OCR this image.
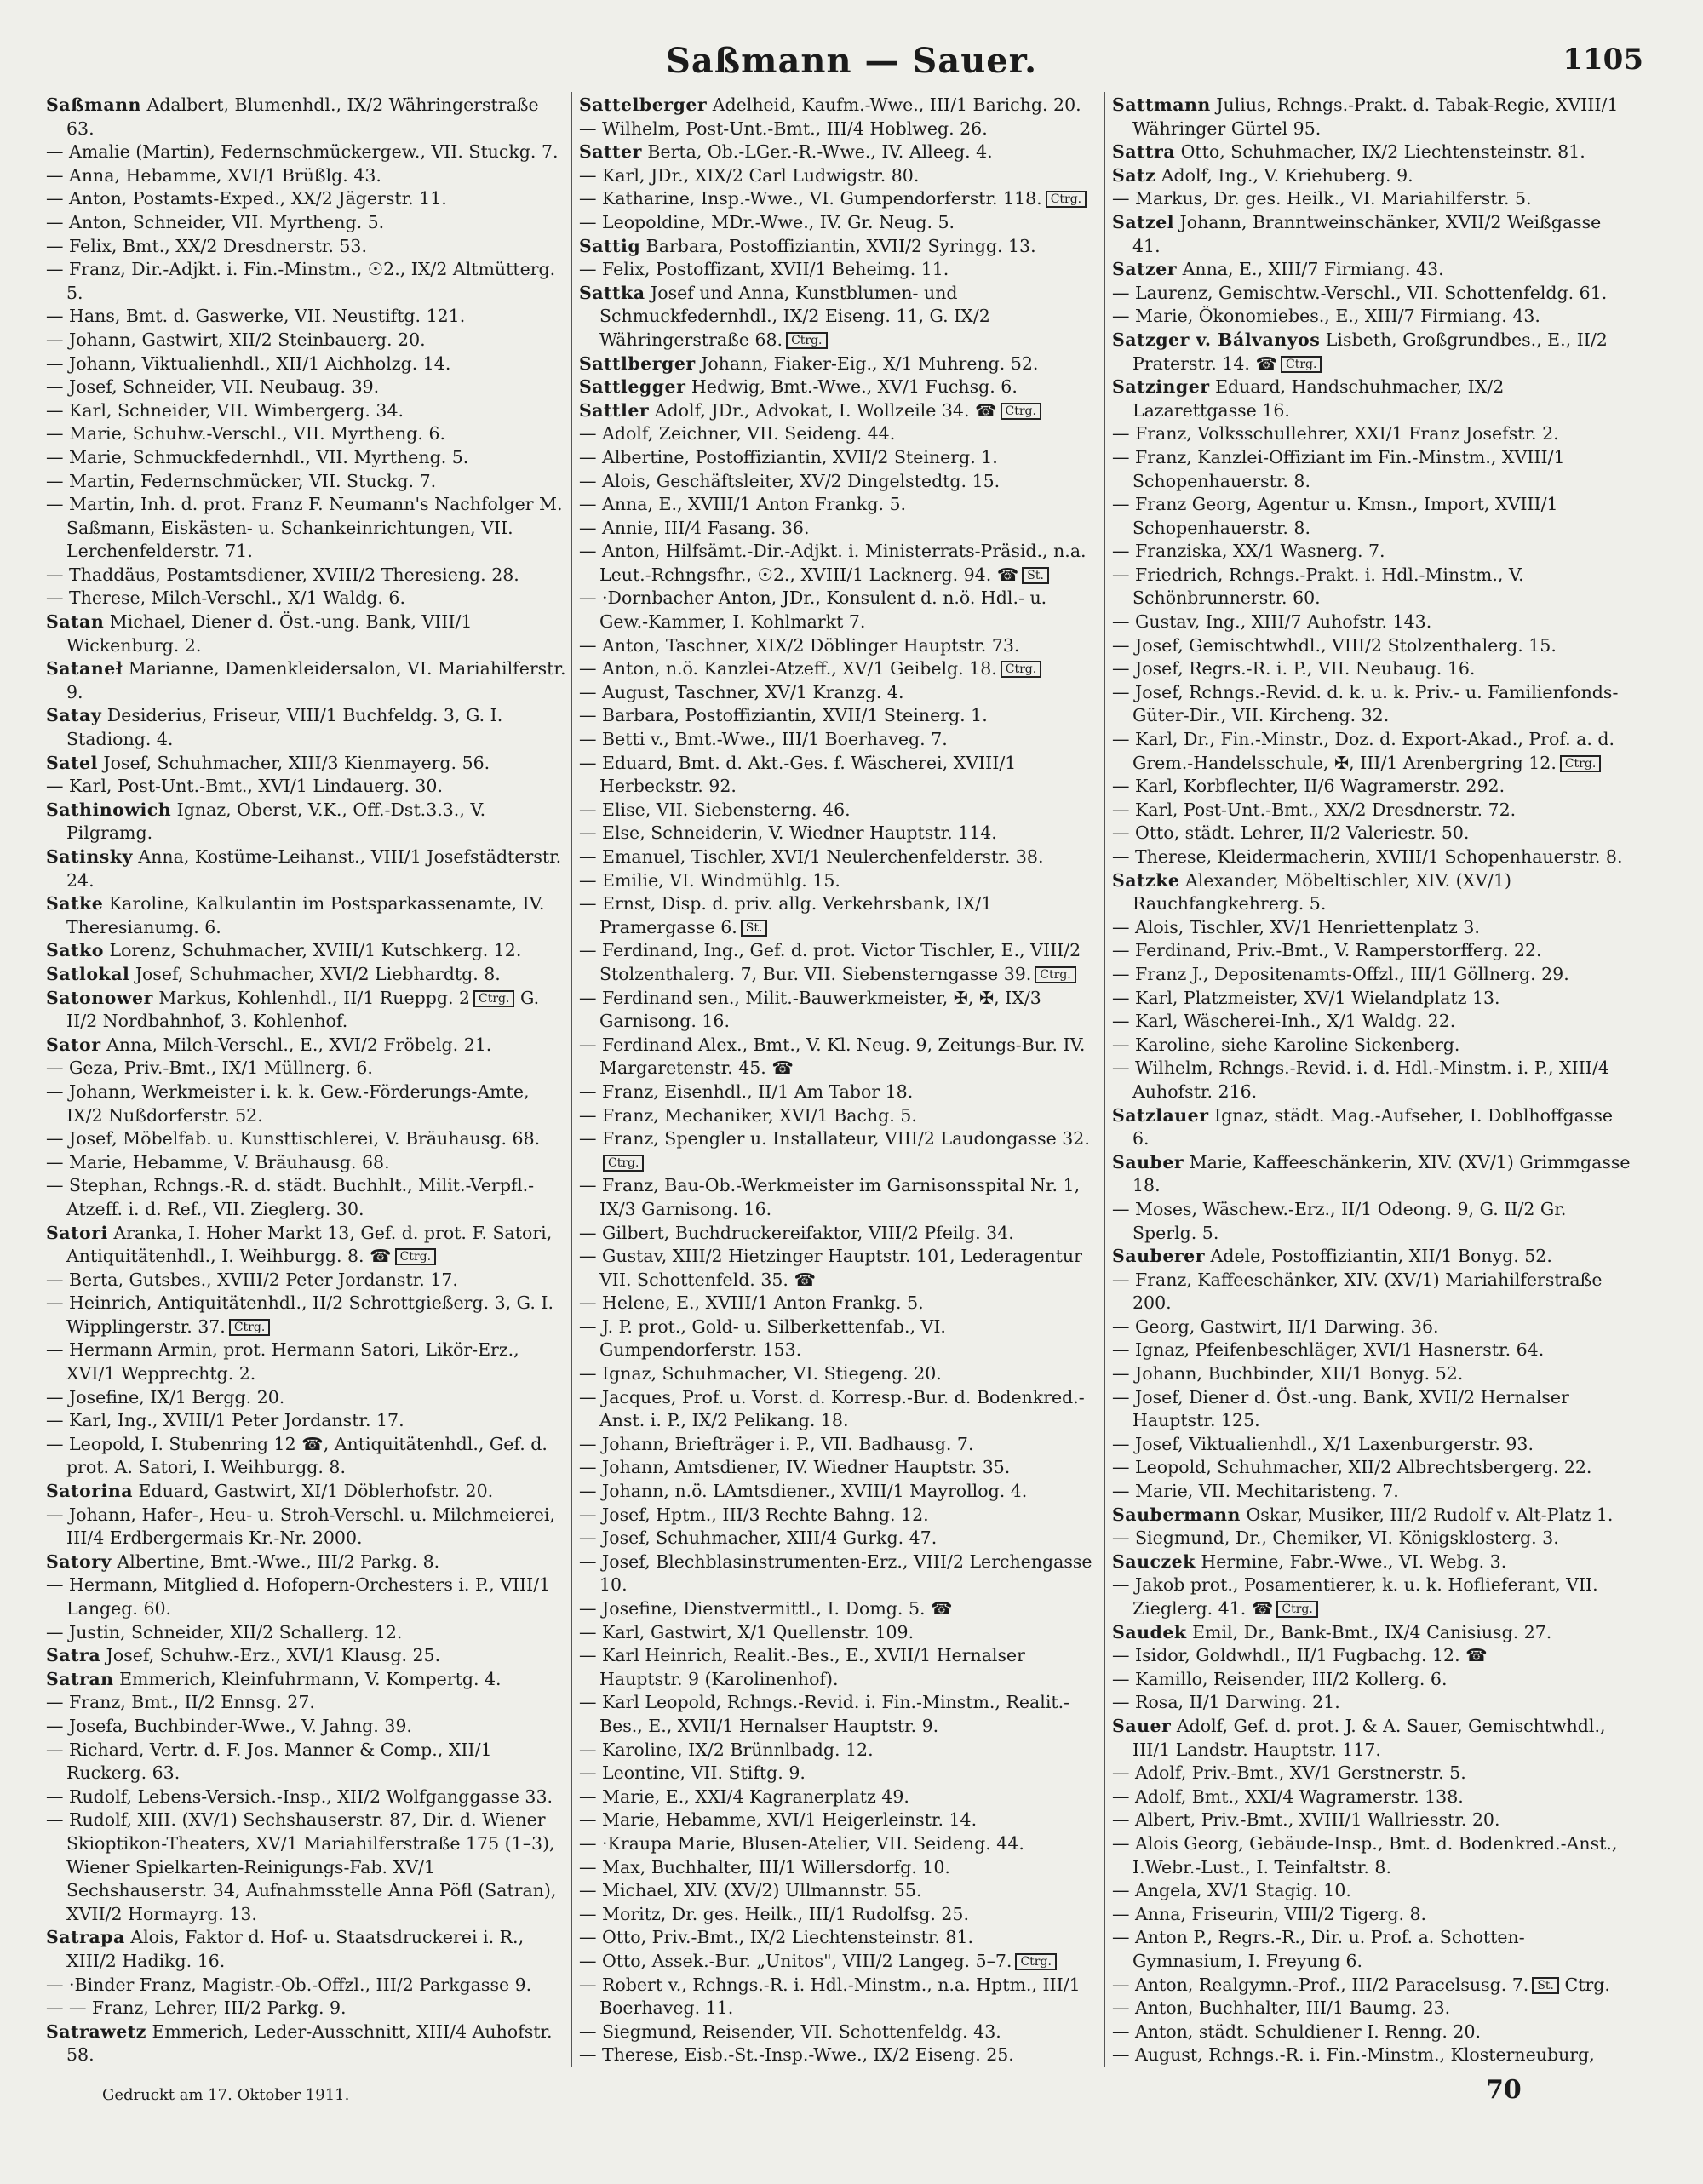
Saßmann — Sauer.	1105

Saßmann Adalbert, Blumenhdl., IX/2 Währingerstraße 63.

— Amalie (Martin), Federnschmückergew., VII. Stuckg. 7.

— Anna, Hebamme, XVI/1 Brüßlg. 43.

— Anton, Postamts-Exped., XX/2 Jägerstr. 11.

— Anton, Schneider, VII. Myrtheng. 5.

— Felix, Bmt., XX/2 Dresdnerstr. 53.

— Franz, Dir.-Adjkt. i. Fin.-Minstm., ☉2., IX/2 Altmütterg. 5.

— Hans, Bmt. d. Gaswerke, VII. Neustiftg. 121.

— Johann, Gastwirt, XII/2 Steinbauerg. 20.

— Johann, Viktualienhdl., XII/1 Aichholzg. 14.

— Josef, Schneider, VII. Neubaug. 39.

— Karl, Schneider, VII. Wimbergerg. 34.

— Marie, Schuhw.-Verschl., VII. Myrtheng. 6.

— Marie, Schmuckfedernhdl., VII. Myrtheng. 5.

— Martin, Federnschmücker, VII. Stuckg. 7.

— Martin, Inh. d. prot. Franz F. Neumann's Nachfolger M. Saßmann, Eiskästen- u. Schankeinrichtungen, VII. Lerchenfelderstr. 71.

— Thaddäus, Postamtsdiener, XVIII/2 Theresieng. 28.

— Therese, Milch-Verschl., X/1 Waldg. 6.

Satan Michael, Diener d. Öst.-ung. Bank, VIII/1 Wickenburg. 2.

Sataneł Marianne, Damenkleidersalon, VI. Mariahilferstr. 9.

Satay Desiderius, Friseur, VIII/1 Buchfeldg. 3, G. I. Stadiong. 4.

Satel Josef, Schuhmacher, XIII/3 Kienmayerg. 56.

— Karl, Post-Unt.-Bmt., XVI/1 Lindauerg. 30.

Sathinowich Ignaz, Oberst, V.K., Off.-Dst.3.3., V. Pilgramg.

Satinsky Anna, Kostüme-Leihanst., VIII/1 Josefstädterstr. 24.

Satke Karoline, Kalkulantin im Postsparkassenamte, IV. Theresianumg. 6.

Satko Lorenz, Schuhmacher, XVIII/1 Kutschkerg. 12.

Satlokal Josef, Schuhmacher, XVI/2 Liebhardtg. 8.

Satonower Markus, Kohlenhdl., II/1 Rueppg. 2 Ctrg. G. II/2 Nordbahnhof, 3. Kohlenhof.

Sator Anna, Milch-Verschl., E., XVI/2 Fröbelg. 21.

— Geza, Priv.-Bmt., IX/1 Müllnerg. 6.

— Johann, Werkmeister i. k. k. Gew.-Förderungs-Amte, IX/2 Nußdorferstr. 52.

— Josef, Möbelfab. u. Kunsttischlerei, V. Bräuhausg. 68.

— Marie, Hebamme, V. Bräuhausg. 68.

— Stephan, Rchngs.-R. d. städt. Buchhlt., Milit.-Verpfl.-Atzeff. i. d. Ref., VII. Zieglerg. 30.

Satori Aranka, I. Hoher Markt 13, Gef. d. prot. F. Satori, Antiquitätenhdl., I. Weihburgg. 8. ☎ Ctrg.

— Berta, Gutsbes., XVIII/2 Peter Jordanstr. 17.

— Heinrich, Antiquitätenhdl., II/2 Schrottgießerg. 3, G. I. Wipplingerstr. 37. Ctrg.

— Hermann Armin, prot. Hermann Satori, Likör-Erz., XVI/1 Wepprechtg. 2.

— Josefine, IX/1 Bergg. 20.

— Karl, Ing., XVIII/1 Peter Jordanstr. 17.

— Leopold, I. Stubenring 12 ☎, Antiquitätenhdl., Gef. d. prot. A. Satori, I. Weihburgg. 8.

Satorina Eduard, Gastwirt, XI/1 Döblerhofstr. 20.

— Johann, Hafer-, Heu- u. Stroh-Verschl. u. Milchmeierei, III/4 Erdbergermais Kr.-Nr. 2000.

Satory Albertine, Bmt.-Wwe., III/2 Parkg. 8.

— Hermann, Mitglied d. Hofopern-Orchesters i. P., VIII/1 Langeg. 60.

— Justin, Schneider, XII/2 Schallerg. 12.

Satra Josef, Schuhw.-Erz., XVI/1 Klausg. 25.

Satran Emmerich, Kleinfuhrmann, V. Kompertg. 4.

— Franz, Bmt., II/2 Ennsg. 27.

— Josefa, Buchbinder-Wwe., V. Jahng. 39.

— Richard, Vertr. d. F. Jos. Manner & Comp., XII/1 Ruckerg. 63.

— Rudolf, Lebens-Versich.-Insp., XII/2 Wolfganggasse 33.

— Rudolf, XIII. (XV/1) Sechshauserstr. 87, Dir. d. Wiener Skioptikon-Theaters, XV/1 Mariahilferstraße 175 (1–3), Wiener Spielkarten-Reinigungs-Fab. XV/1 Sechshauserstr. 34, Aufnahmsstelle Anna Pöfl (Satran), XVII/2 Hormayrg. 13.

Satrapa Alois, Faktor d. Hof- u. Staatsdruckerei i. R., XIII/2 Hadikg. 16.

— ·Binder Franz, Magistr.-Ob.-Offzl., III/2 Parkgasse 9.

— — Franz, Lehrer, III/2 Parkg. 9.

Satrawetz Emmerich, Leder-Ausschnitt, XIII/4 Auhofstr. 58.

Sattelberger Adelheid, Kaufm.-Wwe., III/1 Barichg. 20.

— Wilhelm, Post-Unt.-Bmt., III/4 Hoblweg. 26.

Satter Berta, Ob.-LGer.-R.-Wwe., IV. Alleeg. 4.

— Karl, JDr., XIX/2 Carl Ludwigstr. 80.

— Katharine, Insp.-Wwe., VI. Gumpendorferstr. 118. Ctrg.

— Leopoldine, MDr.-Wwe., IV. Gr. Neug. 5.

Sattig Barbara, Postoffiziantin, XVII/2 Syringg. 13.

— Felix, Postoffizant, XVII/1 Beheimg. 11.

Sattka Josef und Anna, Kunstblumen- und Schmuckfedernhdl., IX/2 Eiseng. 11, G. IX/2 Währingerstraße 68. Ctrg.

Sattlberger Johann, Fiaker-Eig., X/1 Muhreng. 52.

Sattlegger Hedwig, Bmt.-Wwe., XV/1 Fuchsg. 6.

Sattler Adolf, JDr., Advokat, I. Wollzeile 34. ☎ Ctrg.

— Adolf, Zeichner, VII. Seideng. 44.

— Albertine, Postoffiziantin, XVII/2 Steinerg. 1.

— Alois, Geschäftsleiter, XV/2 Dingelstedtg. 15.

— Anna, E., XVIII/1 Anton Frankg. 5.

— Annie, III/4 Fasang. 36.

— Anton, Hilfsämt.-Dir.-Adjkt. i. Ministerrats-Präsid., n.a. Leut.-Rchngsfhr., ☉2., XVIII/1 Lacknerg. 94. ☎ St.

— ·Dornbacher Anton, JDr., Konsulent d. n.ö. Hdl.- u. Gew.-Kammer, I. Kohlmarkt 7.

— Anton, Taschner, XIX/2 Döblinger Hauptstr. 73.

— Anton, n.ö. Kanzlei-Atzeff., XV/1 Geibelg. 18. Ctrg.

— August, Taschner, XV/1 Kranzg. 4.

— Barbara, Postoffiziantin, XVII/1 Steinerg. 1.

— Betti v., Bmt.-Wwe., III/1 Boerhaveg. 7.

— Eduard, Bmt. d. Akt.-Ges. f. Wäscherei, XVIII/1 Herbeckstr. 92.

— Elise, VII. Siebensterng. 46.

— Else, Schneiderin, V. Wiedner Hauptstr. 114.

— Emanuel, Tischler, XVI/1 Neulerchenfelderstr. 38.

— Emilie, VI. Windmühlg. 15.

— Ernst, Disp. d. priv. allg. Verkehrsbank, IX/1 Pramergasse 6. St.

— Ferdinand, Ing., Gef. d. prot. Victor Tischler, E., VIII/2 Stolzenthalerg. 7, Bur. VII. Siebensterngasse 39. Ctrg.

— Ferdinand sen., Milit.-Bauwerkmeister, ✠, ✠, IX/3 Garnisong. 16.

— Ferdinand Alex., Bmt., V. Kl. Neug. 9, Zeitungs-Bur. IV. Margaretenstr. 45. ☎

— Franz, Eisenhdl., II/1 Am Tabor 18.

— Franz, Mechaniker, XVI/1 Bachg. 5.

— Franz, Spengler u. Installateur, VIII/2 Laudongasse 32.Ctrg.

— Franz, Bau-Ob.-Werkmeister im Garnisonsspital Nr. 1, IX/3 Garnisong. 16.

— Gilbert, Buchdruckereifaktor, VIII/2 Pfeilg. 34.

— Gustav, XIII/2 Hietzinger Hauptstr. 101, Lederagentur VII. Schottenfeld. 35. ☎

— Helene, E., XVIII/1 Anton Frankg. 5.

— J. P. prot., Gold- u. Silberkettenfab., VI. Gumpendorferstr. 153.

— Ignaz, Schuhmacher, VI. Stiegeng. 20.

— Jacques, Prof. u. Vorst. d. Korresp.-Bur. d. Bodenkred.-Anst. i. P., IX/2 Pelikang. 18.

— Johann, Briefträger i. P., VII. Badhausg. 7.

— Johann, Amtsdiener, IV. Wiedner Hauptstr. 35.

— Johann, n.ö. LAmtsdiener., XVIII/1 Mayrollog. 4.

— Josef, Hptm., III/3 Rechte Bahng. 12.

— Josef, Schuhmacher, XIII/4 Gurkg. 47.

— Josef, Blechblasinstrumenten-Erz., VIII/2 Lerchengasse 10.

— Josefine, Dienstvermittl., I. Domg. 5. ☎

— Karl, Gastwirt, X/1 Quellenstr. 109.

— Karl Heinrich, Realit.-Bes., E., XVII/1 Hernalser Hauptstr. 9 (Karolinenhof).

— Karl Leopold, Rchngs.-Revid. i. Fin.-Minstm., Realit.-Bes., E., XVII/1 Hernalser Hauptstr. 9.

— Karoline, IX/2 Brünnlbadg. 12.

— Leontine, VII. Stiftg. 9.

— Marie, E., XXI/4 Kagranerplatz 49.

— Marie, Hebamme, XVI/1 Heigerleinstr. 14.

— ·Kraupa Marie, Blusen-Atelier, VII. Seideng. 44.

— Max, Buchhalter, III/1 Willersdorfg. 10.

— Michael, XIV. (XV/2) Ullmannstr. 55.

— Moritz, Dr. ges. Heilk., III/1 Rudolfsg. 25.

— Otto, Priv.-Bmt., IX/2 Liechtensteinstr. 81.

— Otto, Assek.-Bur. „Unitos", VIII/2 Langeg. 5–7. Ctrg.

— Robert v., Rchngs.-R. i. Hdl.-Minstm., n.a. Hptm., III/1 Boerhaveg. 11.

— Siegmund, Reisender, VII. Schottenfeldg. 43.

— Therese, Eisb.-St.-Insp.-Wwe., IX/2 Eiseng. 25.

Sattmann Julius, Rchngs.-Prakt. d. Tabak-Regie, XVIII/1 Währinger Gürtel 95.

Sattra Otto, Schuhmacher, IX/2 Liechtensteinstr. 81.

Satz Adolf, Ing., V. Kriehuberg. 9.

— Markus, Dr. ges. Heilk., VI. Mariahilferstr. 5.

Satzel Johann, Branntweinschänker, XVII/2 Weißgasse 41.

Satzer Anna, E., XIII/7 Firmiang. 43.

— Laurenz, Gemischtw.-Verschl., VII. Schottenfeldg. 61.

— Marie, Ökonomiebes., E., XIII/7 Firmiang. 43.

Satzger v. Bálvanyos Lisbeth, Großgrundbes., E., II/2 Praterstr. 14. ☎ Ctrg.

Satzinger Eduard, Handschuhmacher, IX/2 Lazarettgasse 16.

— Franz, Volksschullehrer, XXI/1 Franz Josefstr. 2.

— Franz, Kanzlei-Offiziant im Fin.-Minstm., XVIII/1 Schopenhauerstr. 8.

— Franz Georg, Agentur u. Kmsn., Import, XVIII/1 Schopenhauerstr. 8.

— Franziska, XX/1 Wasnerg. 7.

— Friedrich, Rchngs.-Prakt. i. Hdl.-Minstm., V. Schönbrunnerstr. 60.

— Gustav, Ing., XIII/7 Auhofstr. 143.

— Josef, Gemischtwhdl., VIII/2 Stolzenthalerg. 15.

— Josef, Regrs.-R. i. P., VII. Neubaug. 16.

— Josef, Rchngs.-Revid. d. k. u. k. Priv.- u. Familienfonds-Güter-Dir., VII. Kircheng. 32.

— Karl, Dr., Fin.-Minstr., Doz. d. Export-Akad., Prof. a. d. Grem.-Handelsschule, ✠, III/1 Arenbergring 12. Ctrg.

— Karl, Korbflechter, II/6 Wagramerstr. 292.

— Karl, Post-Unt.-Bmt., XX/2 Dresdnerstr. 72.

— Otto, städt. Lehrer, II/2 Valeriestr. 50.

— Therese, Kleidermacherin, XVIII/1 Schopenhauerstr. 8.

Satzke Alexander, Möbeltischler, XIV. (XV/1) Rauchfangkehrerg. 5.

— Alois, Tischler, XV/1 Henriettenplatz 3.

— Ferdinand, Priv.-Bmt., V. Ramperstorfferg. 22.

— Franz J., Depositenamts-Offzl., III/1 Göllnerg. 29.

— Karl, Platzmeister, XV/1 Wielandplatz 13.

— Karl, Wäscherei-Inh., X/1 Waldg. 22.

— Karoline, siehe Karoline Sickenberg.

— Wilhelm, Rchngs.-Revid. i. d. Hdl.-Minstm. i. P., XIII/4 Auhofstr. 216.

Satzlauer Ignaz, städt. Mag.-Aufseher, I. Doblhoffgasse 6.

Sauber Marie, Kaffeeschänkerin, XIV. (XV/1) Grimmgasse 18.

— Moses, Wäschew.-Erz., II/1 Odeong. 9, G. II/2 Gr. Sperlg. 5.

Sauberer Adele, Postoffiziantin, XII/1 Bonyg. 52.

— Franz, Kaffeeschänker, XIV. (XV/1) Mariahilferstraße 200.

— Georg, Gastwirt, II/1 Darwing. 36.

— Ignaz, Pfeifenbeschläger, XVI/1 Hasnerstr. 64.

— Johann, Buchbinder, XII/1 Bonyg. 52.

— Josef, Diener d. Öst.-ung. Bank, XVII/2 Hernalser Hauptstr. 125.

— Josef, Viktualienhdl., X/1 Laxenburgerstr. 93.

— Leopold, Schuhmacher, XII/2 Albrechtsbergerg. 22.

— Marie, VII. Mechitaristeng. 7.

Saubermann Oskar, Musiker, III/2 Rudolf v. Alt-Platz 1.

— Siegmund, Dr., Chemiker, VI. Königsklosterg. 3.

Sauczek Hermine, Fabr.-Wwe., VI. Webg. 3.

— Jakob prot., Posamentierer, k. u. k. Hoflieferant, VII. Zieglerg. 41. ☎ Ctrg.

Saudek Emil, Dr., Bank-Bmt., IX/4 Canisiusg. 27.

— Isidor, Goldwhdl., II/1 Fugbachg. 12. ☎

— Kamillo, Reisender, III/2 Kollerg. 6.

— Rosa, II/1 Darwing. 21.

Sauer Adolf, Gef. d. prot. J. & A. Sauer, Gemischtwhdl., III/1 Landstr. Hauptstr. 117.

— Adolf, Priv.-Bmt., XV/1 Gerstnerstr. 5.

— Adolf, Bmt., XXI/4 Wagramerstr. 138.

— Albert, Priv.-Bmt., XVIII/1 Wallriesstr. 20.

— Alois Georg, Gebäude-Insp., Bmt. d. Bodenkred.-Anst., I.Webr.-Lust., I. Teinfaltstr. 8.

— Angela, XV/1 Stagig. 10.

— Anna, Friseurin, VIII/2 Tigerg. 8.

— Anton P., Regrs.-R., Dir. u. Prof. a. Schotten-Gymnasium, I. Freyung 6.

— Anton, Realgymn.-Prof., III/2 Paracelsusg. 7. St. Ctrg.

— Anton, Buchhalter, III/1 Baumg. 23.

— Anton, städt. Schuldiener I. Renng. 20.

— August, Rchngs.-R. i. Fin.-Minstm., Klosterneuburg,

Gedruckt am 17. Oktober 1911.	70
